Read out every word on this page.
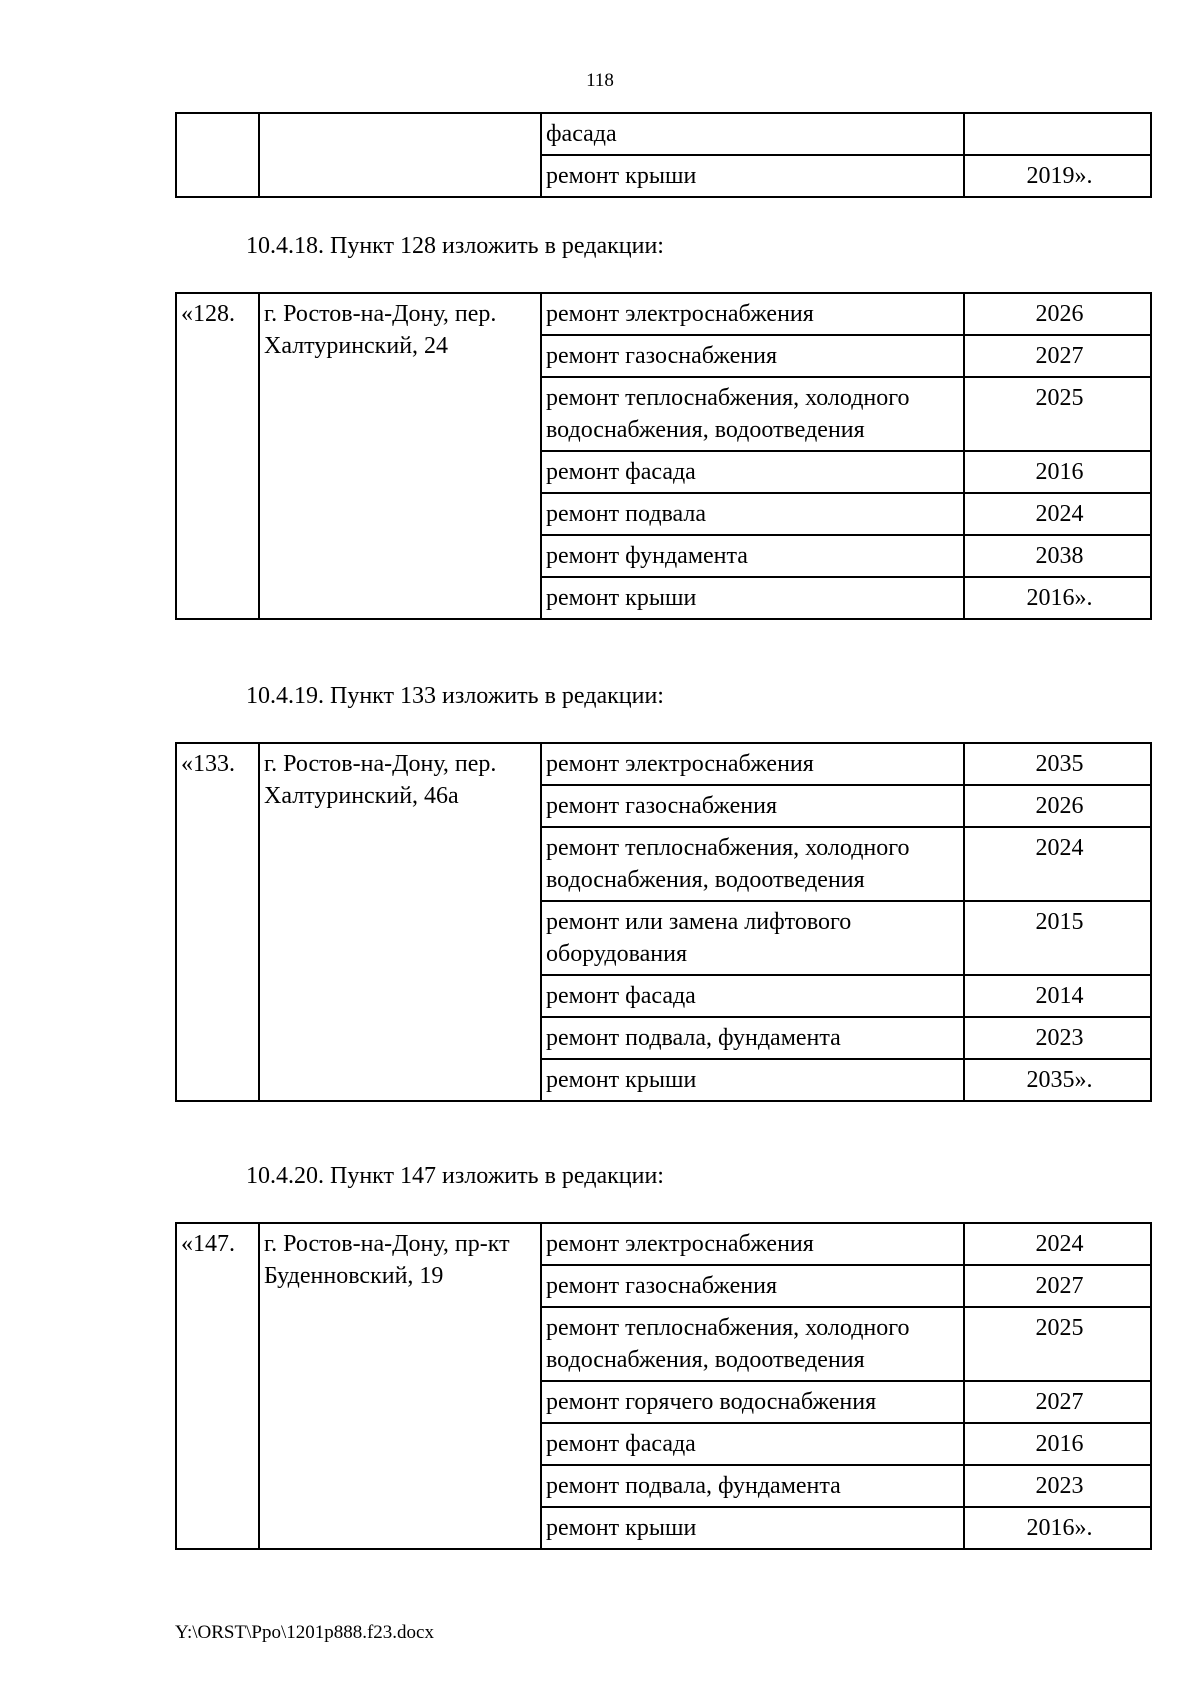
118
		фасада	
		ремонт крыши	2019».
10.4.18. Пункт 128 изложить в редакции:
«128.	г. Ростов-на-Дону, пер. Халтуринский, 24	ремонт электроснабжения	2026
		ремонт газоснабжения	2027
		ремонт теплоснабжения, холодного водоснабжения, водоотведения	2025
		ремонт фасада	2016
		ремонт подвала	2024
		ремонт фундамента	2038
		ремонт крыши	2016».
10.4.19. Пункт 133 изложить в редакции:
«133.	г. Ростов-на-Дону, пер. Халтуринский, 46а	ремонт электроснабжения	2035
		ремонт газоснабжения	2026
		ремонт теплоснабжения, холодного водоснабжения, водоотведения	2024
		ремонт или замена лифтового оборудования	2015
		ремонт фасада	2014
		ремонт подвала, фундамента	2023
		ремонт крыши	2035».
10.4.20. Пункт 147 изложить в редакции:
«147.	г. Ростов-на-Дону, пр-кт Буденновский, 19	ремонт электроснабжения	2024
		ремонт газоснабжения	2027
		ремонт теплоснабжения, холодного водоснабжения, водоотведения	2025
		ремонт горячего водоснабжения	2027
		ремонт фасада	2016
		ремонт подвала, фундамента	2023
		ремонт крыши	2016».
Y:\ORST\Ppo\1201p888.f23.docx
